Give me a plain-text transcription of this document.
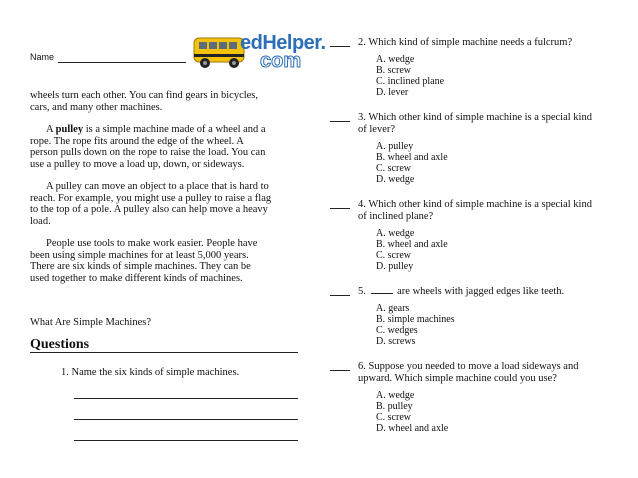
Name
edHelper.
com

wheels turn each other. You can find gears in bicycles, cars, and many other machines.

A pulley is a simple machine made of a wheel and a rope. The rope fits around the edge of the wheel. A person pulls down on the rope to raise the load. You can use a pulley to move a load up, down, or sideways.

A pulley can move an object to a place that is hard to reach. For example, you might use a pulley to raise a flag to the top of a pole. A pulley also can help move a heavy load.

People use tools to make work easier. People have been using simple machines for at least 5,000 years. There are six kinds of simple machines. They can be used together to make different kinds of machines.

What Are Simple Machines?
Questions
1. Name the six kinds of simple machines.
2. Which kind of simple machine needs a fulcrum?
A. wedge
B. screw
C. inclined plane
D. lever
3. Which other kind of simple machine is a special kind of lever?
A. pulley
B. wheel and axle
C. screw
D. wedge
4. Which other kind of simple machine is a special kind of inclined plane?
A. wedge
B. wheel and axle
C. screw
D. pulley
5.	are wheels with jagged edges like teeth.
A. gears
B. simple machines
C. wedges
D. screws
6. Suppose you needed to move a load sideways and upward. Which simple machine could you use?
A. wedge
B. pulley
C. screw
D. wheel and axle
